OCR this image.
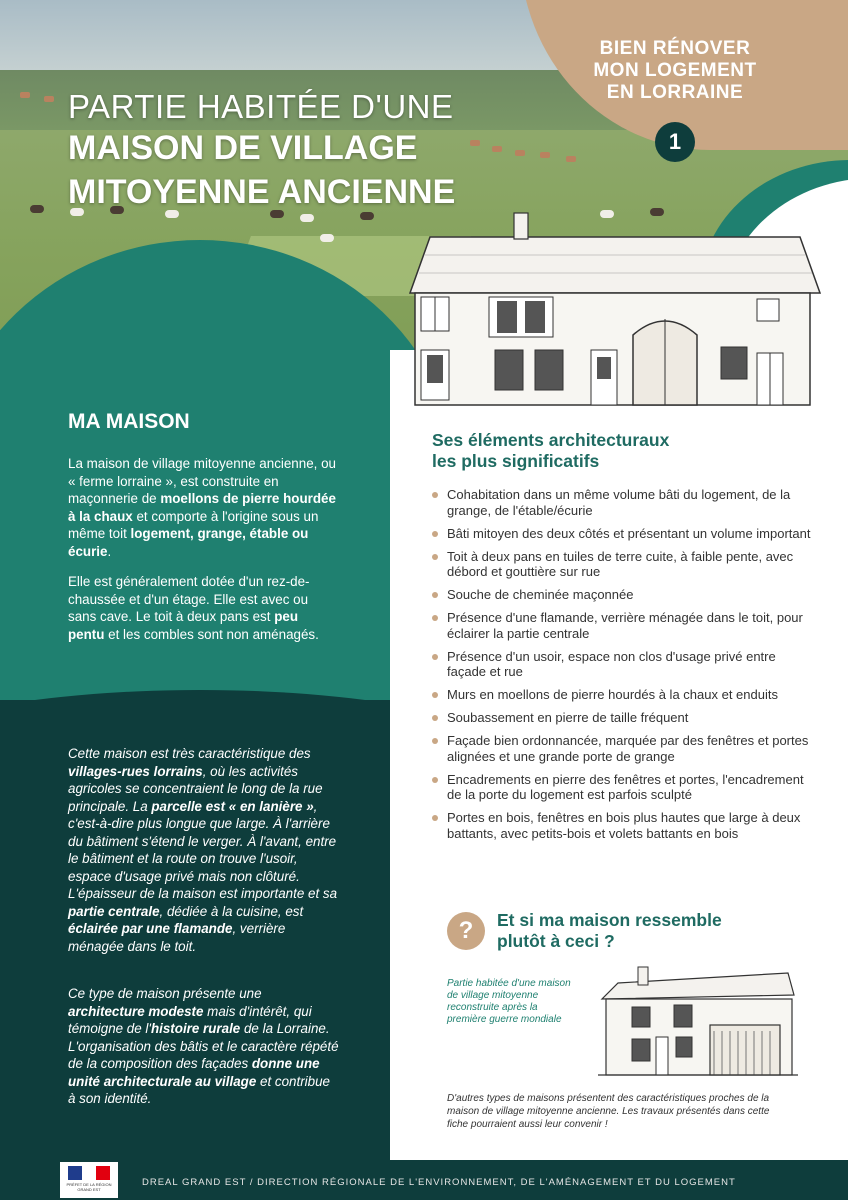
BIEN RÉNOVER
MON LOGEMENT
EN LORRAINE
1
PARTIE HABITÉE D'UNE
MAISON DE VILLAGE
MITOYENNE ANCIENNE
MA MAISON

La maison de village mitoyenne ancienne, ou « ferme lorraine », est construite en maçonnerie de moellons de pierre hourdée à la chaux et comporte à l'origine sous un même toit logement, grange, étable ou écurie.

Elle est généralement dotée d'un rez-de-chaussée et d'un étage. Elle est avec ou sans cave. Le toit à deux pans est peu pentu et les combles sont non aménagés.

Cette maison est très caractéristique des villages-rues lorrains, où les activités agricoles se concentraient le long de la rue principale. La parcelle est « en lanière », c'est-à-dire plus longue que large. À l'arrière du bâtiment s'étend le verger. À l'avant, entre le bâtiment et la route on trouve l'usoir, espace d'usage privé mais non clôturé. L'épaisseur de la maison est importante et sa partie centrale, dédiée à la cuisine, est éclairée par une flamande, verrière ménagée dans le toit.

Ce type de maison présente une architecture modeste mais d'intérêt, qui témoigne de l'histoire rurale de la Lorraine. L'organisation des bâtis et le caractère répété de la composition des façades donne une unité architecturale au village et contribue à son identité.

Ses éléments architecturaux
les plus significatifs
Cohabitation dans un même volume bâti du logement, de la grange, de l'étable/écurie
Bâti mitoyen des deux côtés et présentant un volume important
Toit à deux pans en tuiles de terre cuite, à faible pente, avec débord et gouttière sur rue
Souche de cheminée maçonnée
Présence d'une flamande, verrière ménagée dans le toit, pour éclairer la partie centrale
Présence d'un usoir, espace non clos d'usage privé entre façade et rue
Murs en moellons de pierre hourdés à la chaux et enduits
Soubassement en pierre de taille fréquent
Façade bien ordonnancée, marquée par des fenêtres et portes alignées et une grande porte de grange
Encadrements en pierre des fenêtres et portes, l'encadrement de la porte du logement est parfois sculpté
Portes en bois, fenêtres en bois plus hautes que large à deux battants, avec petits-bois et volets battants en bois
?	Et si ma maison ressemble
plutôt à ceci ?
Partie habitée d'une maison de village mitoyenne reconstruite après la première guerre mondiale
D'autres types de maisons présentent des caractéristiques proches de la maison de village mitoyenne ancienne. Les travaux présentés dans cette fiche pourraient aussi leur convenir !
PRÉFET DE LA RÉGION GRAND EST
DREAL GRAND EST / DIRECTION RÉGIONALE DE L'ENVIRONNEMENT, DE L'AMÉNAGEMENT ET DU LOGEMENT
